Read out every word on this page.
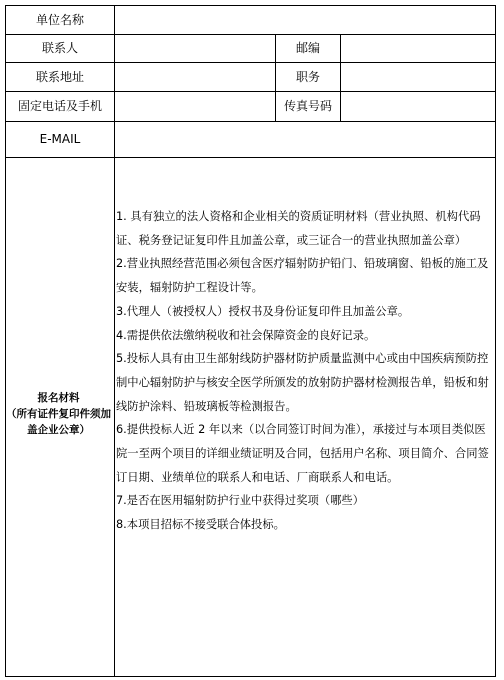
单位名称
联系人	邮编
联系地址	职务
固定电话及手机	传真号码
E-MAIL
报名材料
（所有证件复印件须加盖企业公章）

1. 具有独立的法人资格和企业相关的资质证明材料（营业执照、机构代码证、税务登记证复印件且加盖公章，或三证合一的营业执照加盖公章）

2.营业执照经营范围必须包含医疗辐射防护铅门、铅玻璃窗、铅板的施工及安装，辐射防护工程设计等。

3.代理人（被授权人）授权书及身份证复印件且加盖公章。

4.需提供依法缴纳税收和社会保障资金的良好记录。

5.投标人具有由卫生部射线防护器材防护质量监测中心或由中国疾病预防控制中心辐射防护与核安全医学所颁发的放射防护器材检测报告单，铅板和射线防护涂料、铅玻璃板等检测报告。

6.提供投标人近 2 年以来（以合同签订时间为准），承接过与本项目类似医院一至两个项目的详细业绩证明及合同，包括用户名称、项目简介、合同签订日期、业绩单位的联系人和电话、厂商联系人和电话。

7.是否在医用辐射防护行业中获得过奖项（哪些）

8.本项目招标不接受联合体投标。
